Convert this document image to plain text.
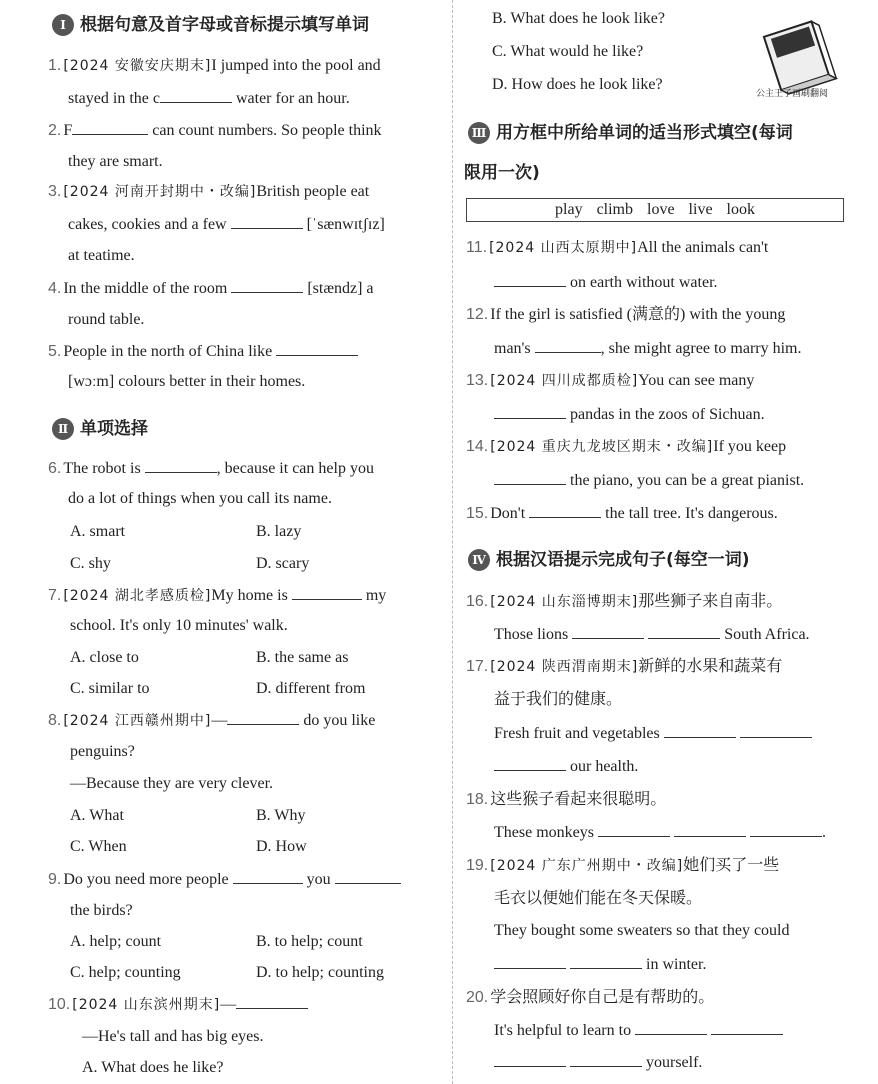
Ⅰ 根据句意及首字母或音标提示填写单词
1. [2024 安徽安庆期末]I jumped into the pool and
stayed in the c	water for an hour.
2. F	can count numbers. So people think
they are smart.
3. [2024 河南开封期中・改编]British people eat
cakes, cookies and a few	[ˈsænwɪtʃɪz]
at teatime.
4. In the middle of the room	[stændz] a
round table.
5. People in the north of China like
[wɔːm] colours better in their homes.
Ⅱ 单项选择
6. The robot is	, because it can help you
do a lot of things when you call its name.
A. smart	B. lazy
C. shy	D. scary
7. [2024 湖北孝感质检]My home is	my
school. It's only 10 minutes' walk.
A. close to	B. the same as
C. similar to	D. different from
8. [2024 江西赣州期中]—	do you like
penguins?
—Because they are very clever.
A. What	B. Why
C. When	D. How
9. Do you need more people	you
the birds?
A. help; count	B. to help; count
C. help; counting	D. to help; counting
10. [2024 山东滨州期末]—
—He's tall and has big eyes.
A. What does he like?
B. What does he look like?
C. What would he like?
D. How does he look like?
公主王子画刷翻阅
Ⅲ 用方框中所给单词的适当形式填空(每词
限用一次)
play climb love live look
11. [2024 山西太原期中]All the animals can't
on earth without water.
12. If the girl is satisfied (满意的) with the young
man's	, she might agree to marry him.
13. [2024 四川成都质检]You can see many
pandas in the zoos of Sichuan.
14. [2024 重庆九龙坡区期末・改编]If you keep
the piano, you can be a great pianist.
15. Don't	the tall tree. It's dangerous.
Ⅳ 根据汉语提示完成句子(每空一词)
16. [2024 山东淄博期末]那些狮子来自南非。
Those lions	South Africa.
17. [2024 陕西渭南期末]新鲜的水果和蔬菜有
益于我们的健康。
Fresh fruit and vegetables
our health.
18. 这些猴子看起来很聪明。
These monkeys	.
19. [2024 广东广州期中・改编]她们买了一些
毛衣以便她们能在冬天保暖。
They bought some sweaters so that they could
in winter.
20. 学会照顾好你自己是有帮助的。
It's helpful to learn to
yourself.
